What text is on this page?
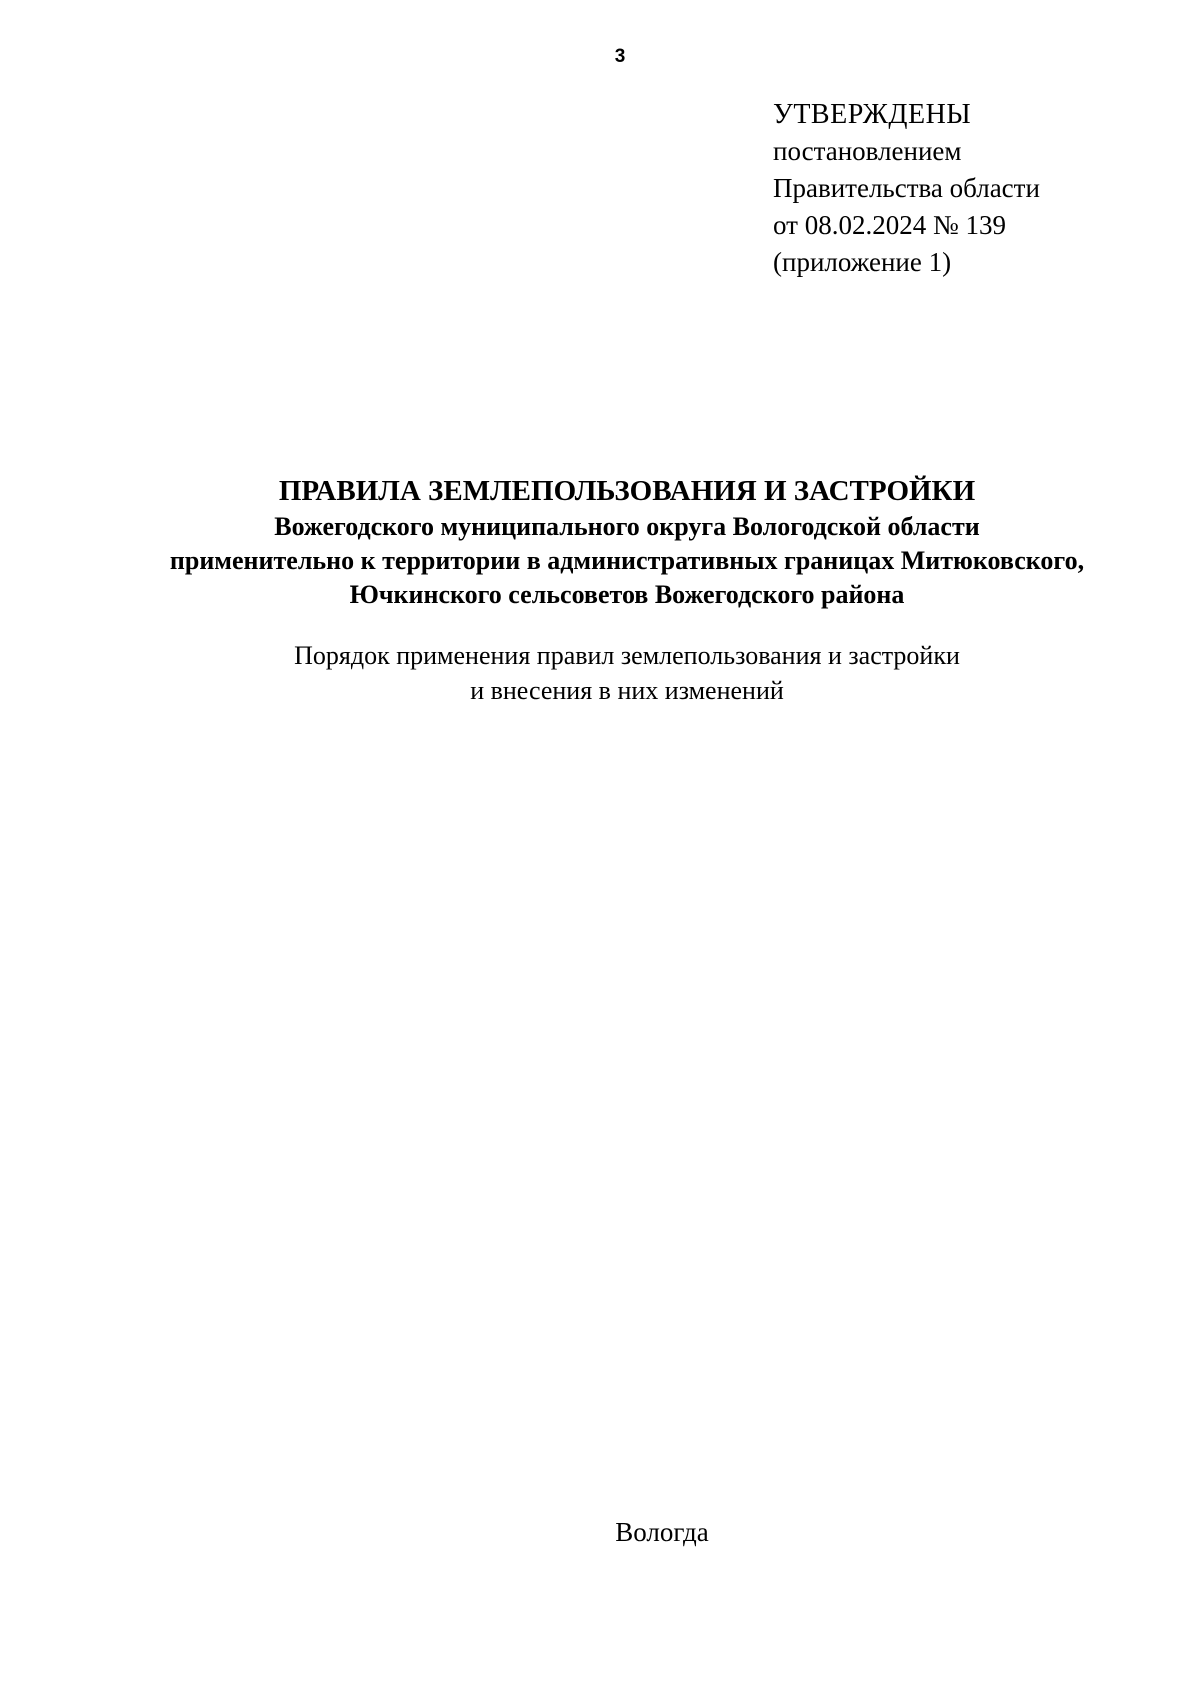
3
УТВЕРЖДЕНЫ
постановлением
Правительства области
от 08.02.2024 № 139
(приложение 1)
ПРАВИЛА ЗЕМЛЕПОЛЬЗОВАНИЯ И ЗАСТРОЙКИ
Вожегодского муниципального округа Вологодской области
применительно к территории в административных границах Митюковского,
Ючкинского сельсоветов Вожегодского района
Порядок применения правил землепользования и застройки
и внесения в них изменений
Вологда
